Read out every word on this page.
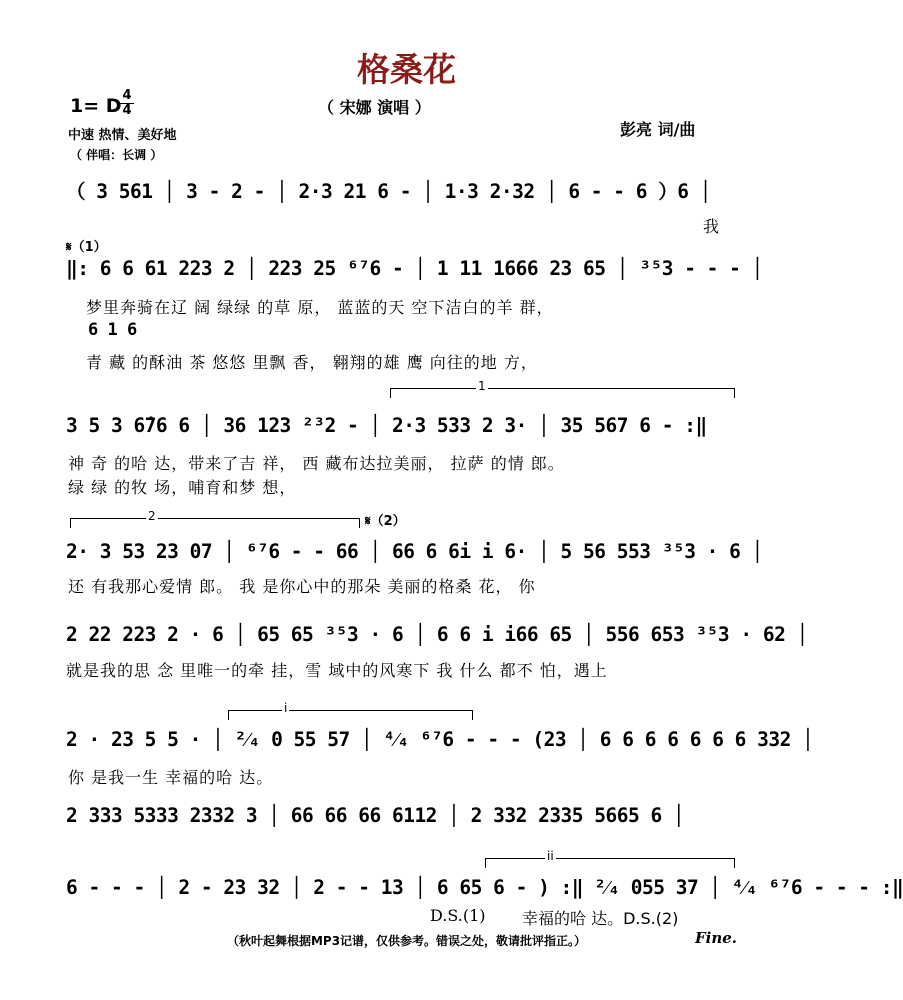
格桑花
（ 宋娜 演唱 ）
1= D 4
4
中速 热情、美好地
（ 伴唱：长调 ）
彭亮 词/曲
（ 3 561 │ 3 - 2 - │ 2·3 21 6 - │ 1·3 2·32 │ 6 - - 6 ）6 │
我
𝄋（1）
‖: 6 6 61 223 2 │ 223 25 ⁶⁷6 - │ 1 11 1666 23 65 │ ³⁵3 - - - │
梦里奔骑在辽 阔 绿绿 的草 原， 蓝蓝的天 空下洁白的羊 群，
6 1 6
青 藏 的酥油 茶 悠悠 里飘 香， 翱翔的雄 鹰 向往的地 方，
1
3 5 3 6̂76 6 │ 36 123 ²³2 - │ 2·3 533 2 3· │ 35 567 6 - :‖
神 奇 的哈 达，带来了吉 祥， 西 藏布达拉美丽， 拉萨 的情 郎。
绿 绿 的牧 场，哺育和梦 想，
2	𝄋（2）
2· 3 53 23 07 │ ⁶⁷6 - - 66 │ 66 6 6i i 6· │ 5 56 553 ³⁵3 · 6 │
还 有我那心爱情 郎。 我 是你心中的那朵 美丽的格桑 花， 你
2 22 223 2 · 6 │ 65 65 ³⁵3 · 6 │ 6 6 i i66 65 │ 556 653 ³⁵3 · 62 │
就是我的思 念 里唯一的牵 挂，雪 域中的风寒下 我 什么 都不 怕，遇上
i
2 · 23 5 5 · │ ²⁄₄ 0 55 57 │ ⁴⁄₄ ⁶⁷6 - - - (23 │ 6 6 6 6 6 6 6 332 │
你 是我一生 幸福的哈 达。
2 333 5333 2332 3 │ 66 66 66 6112 │ 2 332 2335 5665 6 │
ii
6 - - - │ 2 - 23 32 │ 2 - - 13 │ 6 65 6 - ) :‖ ²⁄₄ 055 37 │ ⁴⁄₄ ⁶⁷6 - - - :‖
D.S.(1) 幸福的哈 达。D.S.(2)
Fine.
（秋叶起舞根据MP3记谱，仅供参考。错误之处，敬请批评指正。）
